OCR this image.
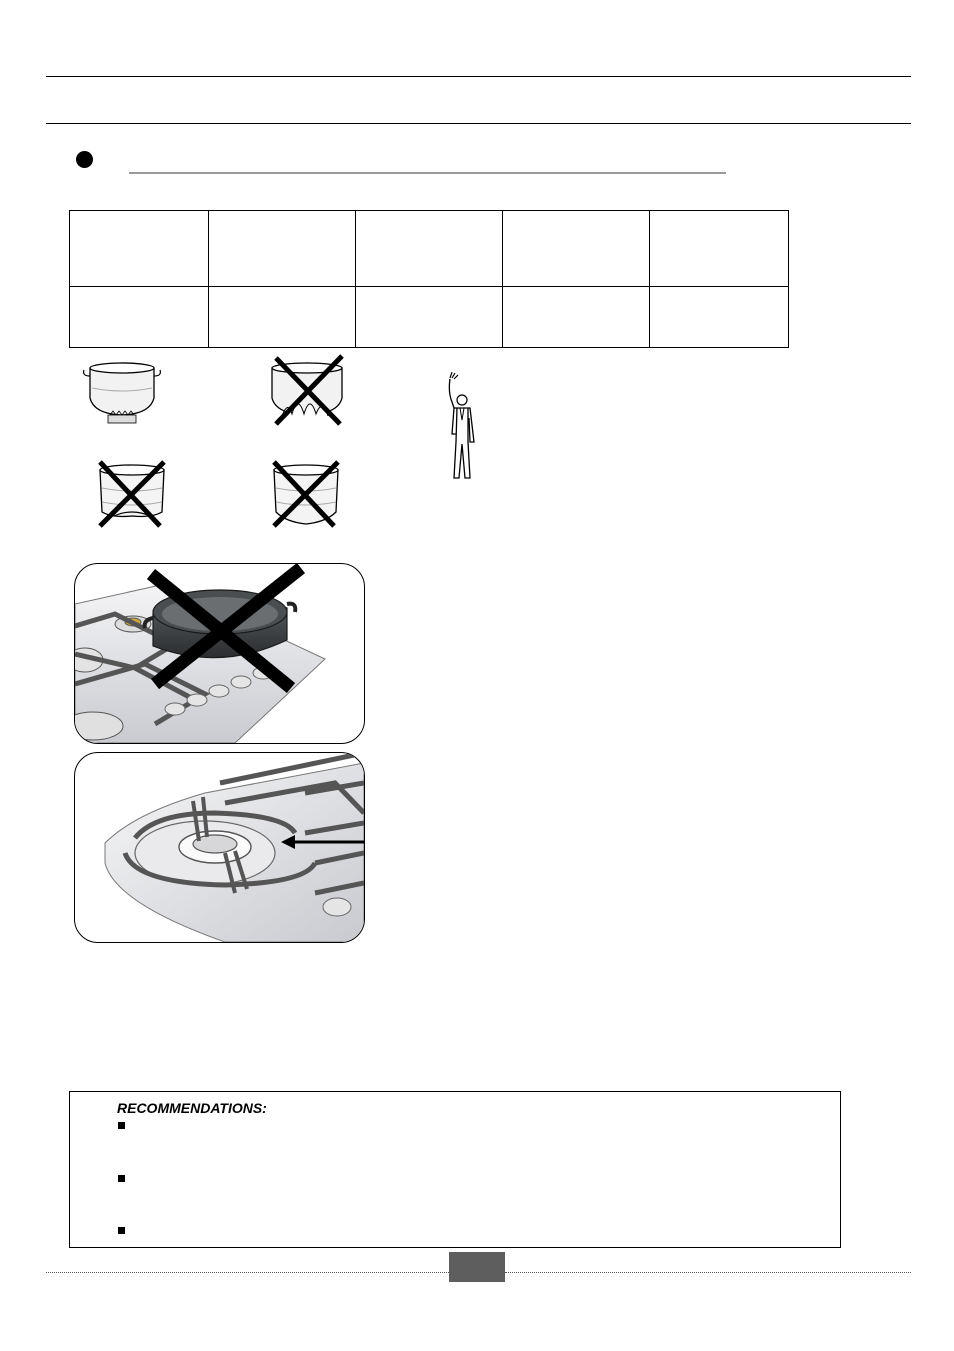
RECOMMENDATIONS:
